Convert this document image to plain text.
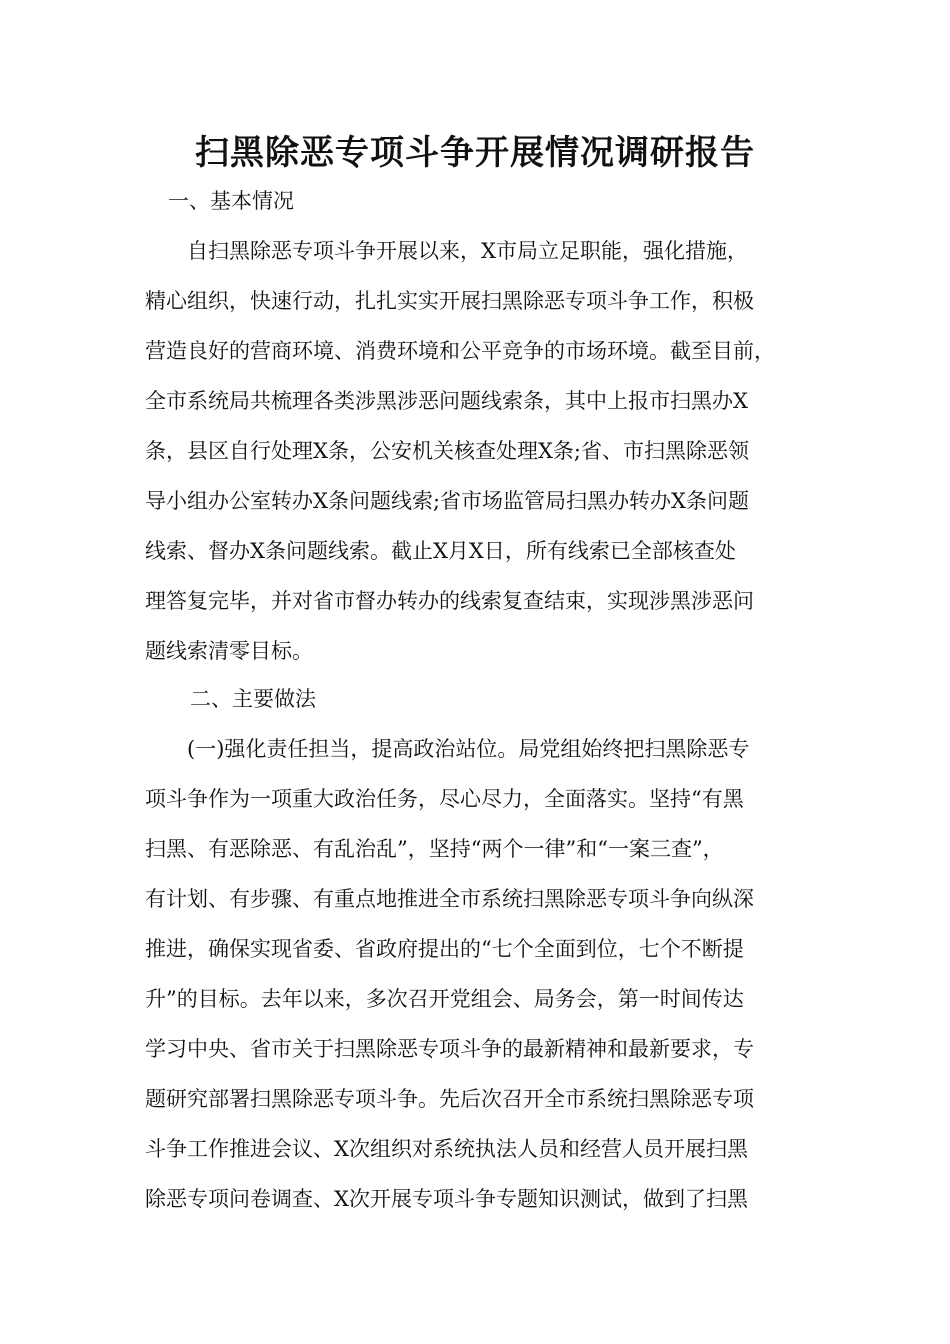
扫黑除恶专项斗争开展情况调研报告

一、基本情况

　　自扫黑除恶专项斗争开展以来，X市局立足职能，强化措施，

精心组织，快速行动，扎扎实实开展扫黑除恶专项斗争工作，积极

营造良好的营商环境、消费环境和公平竞争的市场环境。截至目前，

全市系统局共梳理各类涉黑涉恶问题线索条，其中上报市扫黑办X

条，县区自行处理X条，公安机关核查处理X条;省、市扫黑除恶领

导小组办公室转办X条问题线索;省市场监管局扫黑办转办X条问题

线索、督办X条问题线索。截止X月X日，所有线索已全部核查处

理答复完毕，并对省市督办转办的线索复查结束，实现涉黑涉恶问

题线索清零目标。

二、主要做法

　　(一)强化责任担当，提高政治站位。局党组始终把扫黑除恶专

项斗争作为一项重大政治任务，尽心尽力，全面落实。坚持“有黑

扫黑、有恶除恶、有乱治乱”，坚持“两个一律”和“一案三查”，

有计划、有步骤、有重点地推进全市系统扫黑除恶专项斗争向纵深

推进，确保实现省委、省政府提出的“七个全面到位，七个不断提

升”的目标。去年以来，多次召开党组会、局务会，第一时间传达

学习中央、省市关于扫黑除恶专项斗争的最新精神和最新要求，专

题研究部署扫黑除恶专项斗争。先后次召开全市系统扫黑除恶专项

斗争工作推进会议、X次组织对系统执法人员和经营人员开展扫黑

除恶专项问卷调查、X次开展专项斗争专题知识测试，做到了扫黑
